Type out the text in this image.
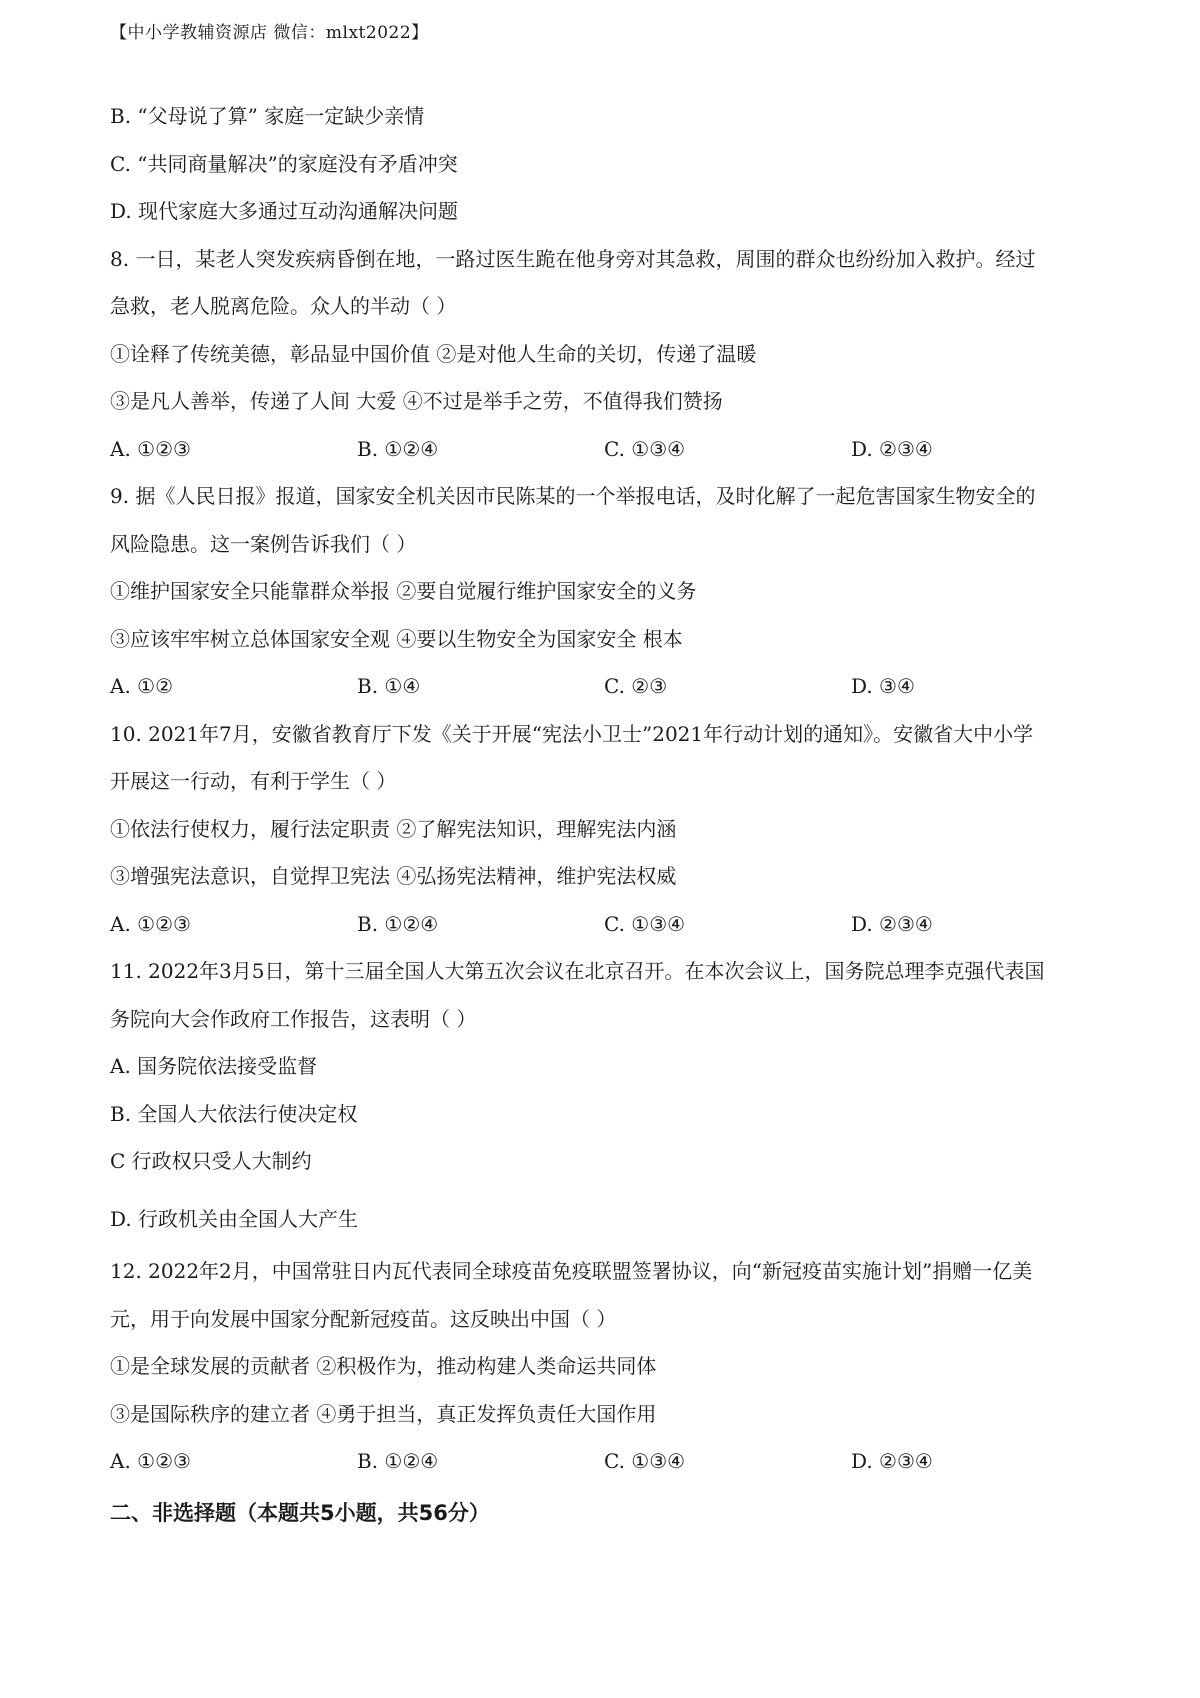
【中小学教辅资源店 微信：mlxt2022】
B. “父母说了算” 家庭一定缺少亲情
C. “共同商量解决”的家庭没有矛盾冲突
D. 现代家庭大多通过互动沟通解决问题
8. 一日，某老人突发疾病昏倒在地，一路过医生跪在他身旁对其急救，周围的群众也纷纷加入救护。经过
急救，老人脱离危险。众人的半动（ ）
①诠释了传统美德，彰品显中国价值 ②是对他人生命的关切，传递了温暖
③是凡人善举，传递了人间 大爱 ④不过是举手之劳，不值得我们赞扬
A. ①②③	B. ①②④	C. ①③④	D. ②③④
9. 据《人民日报》报道，国家安全机关因市民陈某的一个举报电话，及时化解了一起危害国家生物安全的
风险隐患。这一案例告诉我们（ ）
①维护国家安全只能靠群众举报 ②要自觉履行维护国家安全的义务
③应该牢牢树立总体国家安全观 ④要以生物安全为国家安全 根本
A. ①②	B. ①④	C. ②③	D. ③④
10. 2021年7月，安徽省教育厅下发《关于开展“宪法小卫士”2021年行动计划的通知》。安徽省大中小学
开展这一行动，有利于学生（ ）
①依法行使权力，履行法定职责 ②了解宪法知识，理解宪法内涵
③增强宪法意识，自觉捍卫宪法 ④弘扬宪法精神，维护宪法权威
A. ①②③	B. ①②④	C. ①③④	D. ②③④
11. 2022年3月5日，第十三届全国人大第五次会议在北京召开。在本次会议上，国务院总理李克强代表国
务院向大会作政府工作报告，这表明（ ）
A. 国务院依法接受监督
B. 全国人大依法行使决定权
C 行政权只受人大制约
D. 行政机关由全国人大产生
12. 2022年2月，中国常驻日内瓦代表同全球疫苗免疫联盟签署协议，向“新冠疫苗实施计划”捐赠一亿美
元，用于向发展中国家分配新冠疫苗。这反映出中国（ ）
①是全球发展的贡献者 ②积极作为，推动构建人类命运共同体
③是国际秩序的建立者 ④勇于担当，真正发挥负责任大国作用
A. ①②③	B. ①②④	C. ①③④	D. ②③④
二、非选择题（本题共5小题，共56分）
